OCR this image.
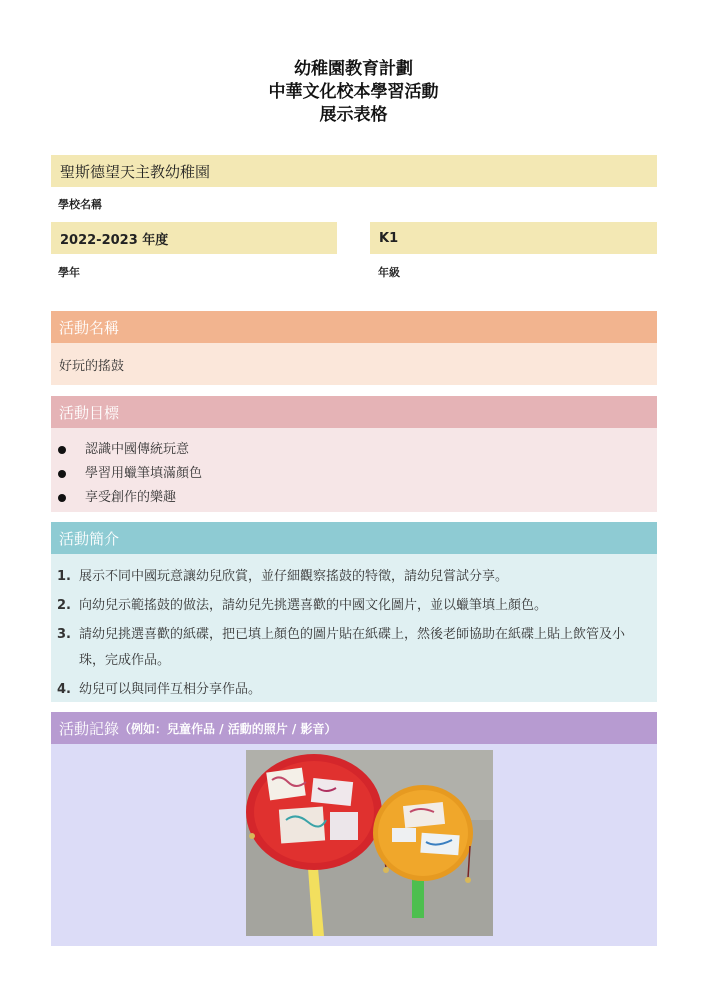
幼稚園教育計劃
中華文化校本學習活動
展示表格
聖斯德望天主教幼稚園
學校名稱
2022-2023 年度
學年
K1
年級
活動名稱
好玩的搖鼓
活動目標
認識中國傳統玩意
學習用蠟筆填滿顏色
享受創作的樂趣
活動簡介
1. 展示不同中國玩意讓幼兒欣賞，並仔細觀察搖鼓的特徵，請幼兒嘗試分享。
2. 向幼兒示範搖鼓的做法，請幼兒先挑選喜歡的中國文化圖片，並以蠟筆填上顏色。
3. 請幼兒挑選喜歡的紙碟，把已填上顏色的圖片貼在紙碟上，然後老師協助在紙碟上貼上飲管及小珠，完成作品。
4. 幼兒可以與同伴互相分享作品。
活動記錄 （例如：兒童作品 / 活動的照片 / 影音）
